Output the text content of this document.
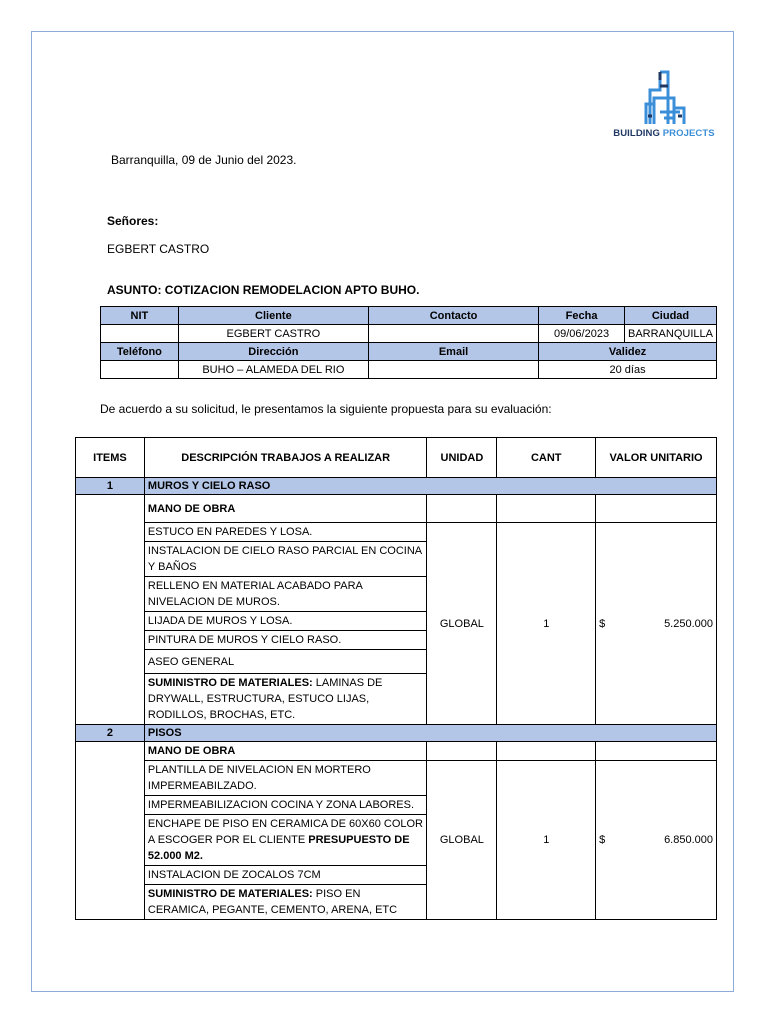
BUILDING PROJECTS
Barranquilla, 09 de Junio del 2023.
Señores:
EGBERT CASTRO
ASUNTO: COTIZACION REMODELACION APTO BUHO.
NIT	Cliente	Contacto	Fecha	Ciudad
	EGBERT CASTRO		09/06/2023	BARRANQUILLA
Teléfono	Dirección	Email	Validez	
	BUHO – ALAMEDA DEL RIO		20 días	
De acuerdo a su solicitud, le presentamos la siguiente propuesta para su evaluación:
ITEMS	DESCRIPCIÓN TRABAJOS A REALIZAR	UNIDAD	CANT	VALOR UNITARIO
1	MUROS Y CIELO RASO			
	MANO DE OBRA			
	ESTUCO EN PAREDES Y LOSA.	GLOBAL	1	$ 5.250.000

	INSTALACION DE CIELO RASO PARCIAL EN COCINA Y BAÑOS			
	RELLENO EN MATERIAL ACABADO PARA NIVELACION DE MUROS.			
	LIJADA DE MUROS Y LOSA.			
	PINTURA DE MUROS Y CIELO RASO.			
	ASEO GENERAL			
	SUMINISTRO DE MATERIALES: LAMINAS DE DRYWALL, ESTRUCTURA, ESTUCO LIJAS, RODILLOS, BROCHAS, ETC.			
2	PISOS			
	MANO DE OBRA			
	PLANTILLA DE NIVELACION EN MORTERO IMPERMEABILZADO.	GLOBAL	1	$ 6.850.000

	IMPERMEABILIZACION COCINA Y ZONA LABORES.			
	ENCHAPE DE PISO EN CERAMICA DE 60X60 COLOR A ESCOGER POR EL CLIENTE PRESUPUESTO DE 52.000 M2.			
	INSTALACION DE ZOCALOS 7CM			
	SUMINISTRO DE MATERIALES: PISO EN CERAMICA, PEGANTE, CEMENTO, ARENA, ETC			
